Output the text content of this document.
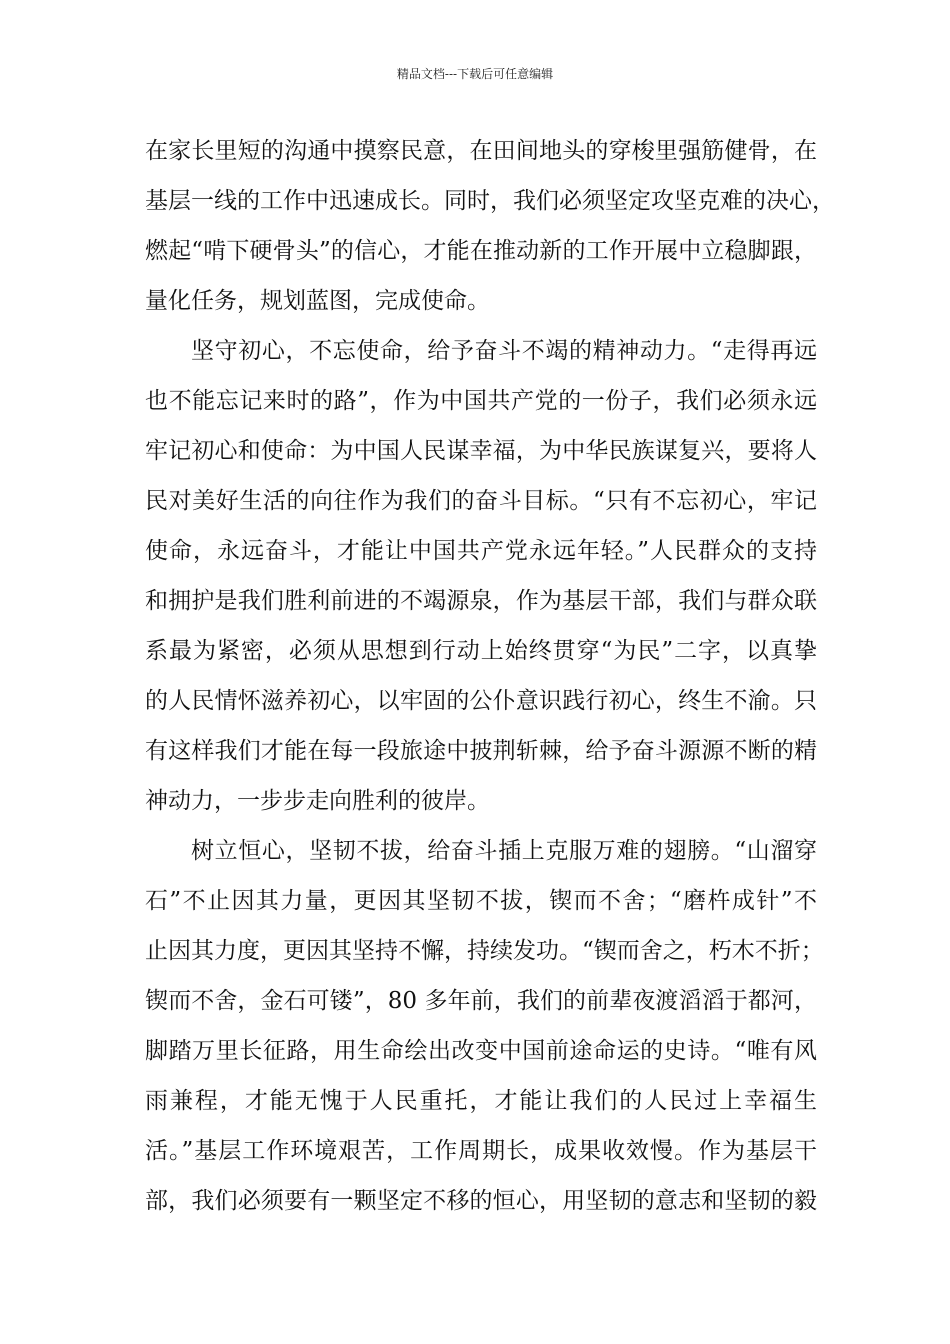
精品文档---下载后可任意编辑
在家长里短的沟通中摸察民意，在田间地头的穿梭里强筋健骨，在
基层一线的工作中迅速成长。同时，我们必须坚定攻坚克难的决心，
燃起“啃下硬骨头”的信心，才能在推动新的工作开展中立稳脚跟，
量化任务，规划蓝图，完成使命。
坚守初心，不忘使命，给予奋斗不竭的精神动力。“走得再远
也不能忘记来时的路”，作为中国共产党的一份子，我们必须永远
牢记初心和使命：为中国人民谋幸福，为中华民族谋复兴，要将人
民对美好生活的向往作为我们的奋斗目标。“只有不忘初心，牢记
使命，永远奋斗，才能让中国共产党永远年轻。”人民群众的支持
和拥护是我们胜利前进的不竭源泉，作为基层干部，我们与群众联
系最为紧密，必须从思想到行动上始终贯穿“为民”二字，以真挚
的人民情怀滋养初心，以牢固的公仆意识践行初心，终生不渝。只
有这样我们才能在每一段旅途中披荆斩棘，给予奋斗源源不断的精
神动力，一步步走向胜利的彼岸。
树立恒心，坚韧不拔，给奋斗插上克服万难的翅膀。“山溜穿
石”不止因其力量，更因其坚韧不拔，锲而不舍；“磨杵成针”不
止因其力度，更因其坚持不懈，持续发功。“锲而舍之，朽木不折；
锲而不舍，金石可镂”，80 多年前，我们的前辈夜渡滔滔于都河，
脚踏万里长征路，用生命绘出改变中国前途命运的史诗。“唯有风
雨兼程，才能无愧于人民重托，才能让我们的人民过上幸福生
活。”基层工作环境艰苦，工作周期长，成果收效慢。作为基层干
部，我们必须要有一颗坚定不移的恒心，用坚韧的意志和坚韧的毅
